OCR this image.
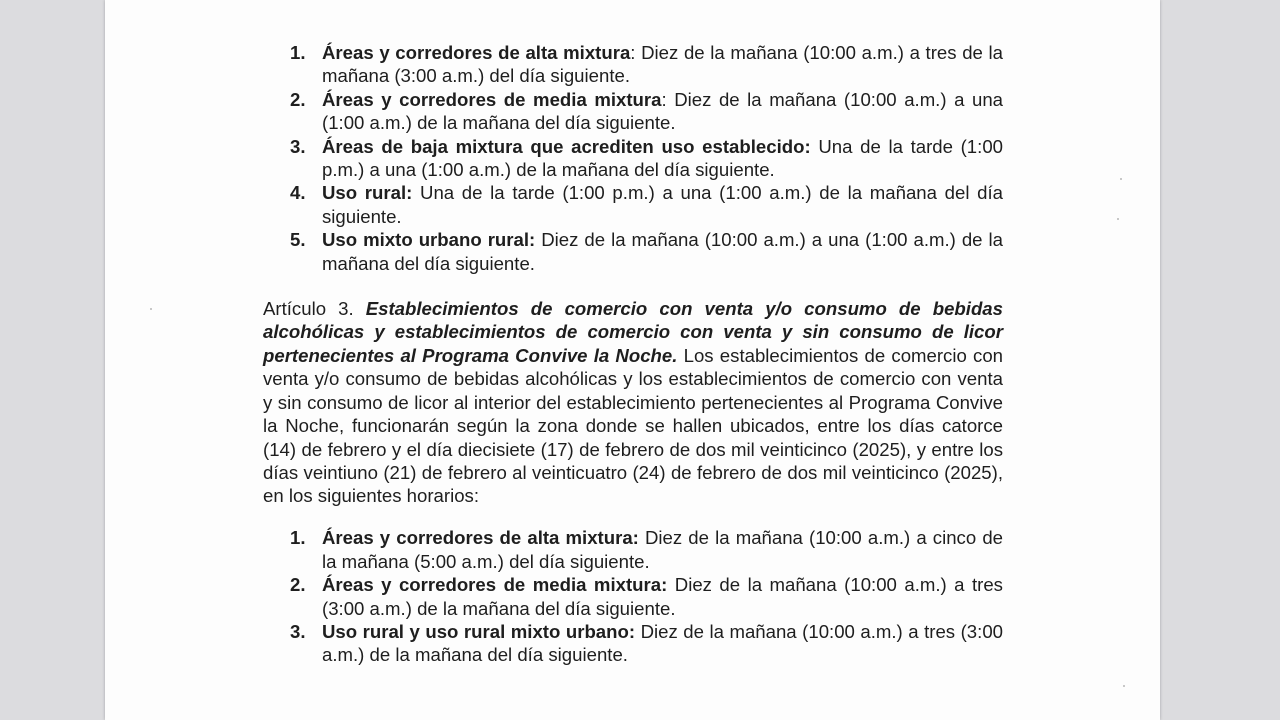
1. Áreas y corredores de alta mixtura: Diez de la mañana (10:00 a.m.) a tres de la mañana (3:00 a.m.) del día siguiente.
2. Áreas y corredores de media mixtura: Diez de la mañana (10:00 a.m.) a una (1:00 a.m.) de la mañana del día siguiente.
3. Áreas de baja mixtura que acrediten uso establecido: Una de la tarde (1:00 p.m.) a una (1:00 a.m.) de la mañana del día siguiente.
4. Uso rural: Una de la tarde (1:00 p.m.) a una (1:00 a.m.) de la mañana del día siguiente.
5. Uso mixto urbano rural: Diez de la mañana (10:00 a.m.) a una (1:00 a.m.) de la mañana del día siguiente.

Artículo 3. Establecimientos de comercio con venta y/o consumo de bebidas alcohólicas y establecimientos de comercio con venta y sin consumo de licor pertenecientes al Programa Convive la Noche. Los establecimientos de comercio con venta y/o consumo de bebidas alcohólicas y los establecimientos de comercio con venta y sin consumo de licor al interior del establecimiento pertenecientes al Programa Convive la Noche, funcionarán según la zona donde se hallen ubicados, entre los días catorce (14) de febrero y el día diecisiete (17) de febrero de dos mil veinticinco (2025), y entre los días veintiuno (21) de febrero al veinticuatro (24) de febrero de dos mil veinticinco (2025), en los siguientes horarios:

1. Áreas y corredores de alta mixtura: Diez de la mañana (10:00 a.m.) a cinco de la mañana (5:00 a.m.) del día siguiente.
2. Áreas y corredores de media mixtura: Diez de la mañana (10:00 a.m.) a tres (3:00 a.m.) de la mañana del día siguiente.
3. Uso rural y uso rural mixto urbano: Diez de la mañana (10:00 a.m.) a tres (3:00 a.m.) de la mañana del día siguiente.
